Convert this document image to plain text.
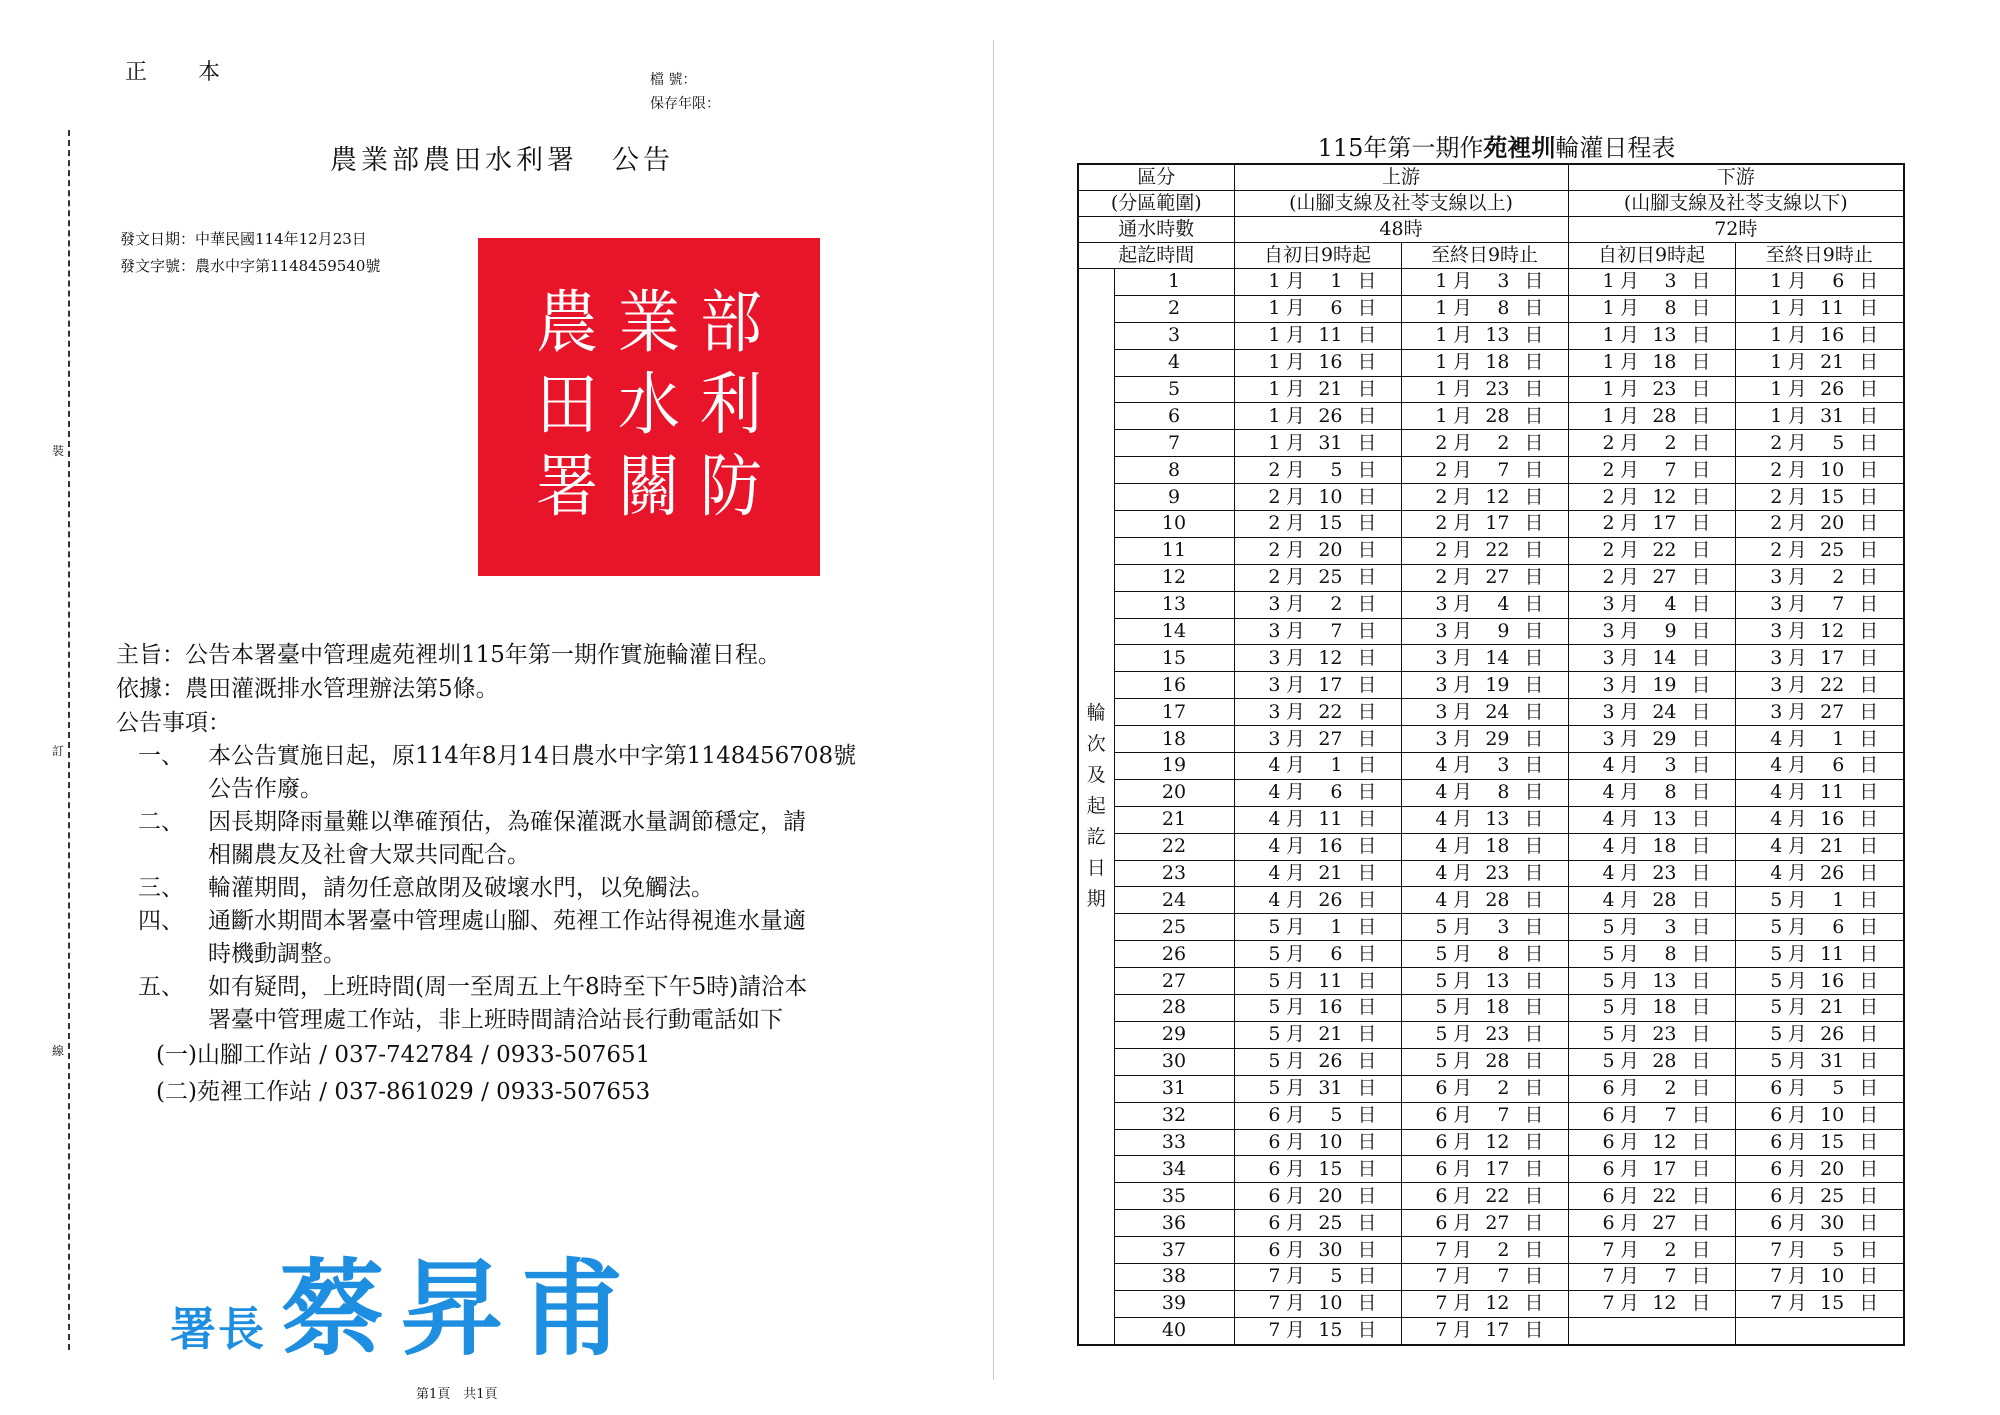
正 本	檔 號：
保存年限：
裝
訂
線
農業部農田水利署 公告
發文日期：中華民國114年12月23日
發文字號：農水中字第1148459540號
農 業 部
田 水 利
署 關 防
主旨：公告本署臺中管理處苑裡圳115年第一期作實施輪灌日程。
依據：農田灌溉排水管理辦法第5條。
公告事項：
一、 本公告實施日起，原114年8月14日農水中字第1148456708號
公告作廢。
二、 因長期降雨量難以準確預估，為確保灌溉水量調節穩定，請
相關農友及社會大眾共同配合。
三、 輪灌期間，請勿任意啟閉及破壞水門，以免觸法。
四、 通斷水期間本署臺中管理處山腳、苑裡工作站得視進水量適
時機動調整。
五、 如有疑問，上班時間(周一至周五上午8時至下午5時)請洽本
署臺中管理處工作站，非上班時間請洽站長行動電話如下
(一)山腳工作站 / 037-742784 / 0933-507651
(二)苑裡工作站 / 037-861029 / 0933-507653
署長 蔡昇甫
第1頁　共1頁
115年第一期作苑裡圳輪灌日程表
區分		上游		下游	
(分區範圍)		(山腳支線及社苓支線以上)		(山腳支線及社苓支線以下)	
通水時數		48時		72時	
起訖時間		自初日9時起	至終日9時止	自初日9時起	至終日9時止

輪次及起訖日期	1	1 月 1 日	1 月 3 日	1 月 3 日	1 月 6 日
	2	1 月 6 日	1 月 8 日	1 月 8 日	1 月 11 日
	3	1 月 11 日	1 月 13 日	1 月 13 日	1 月 16 日
	4	1 月 16 日	1 月 18 日	1 月 18 日	1 月 21 日
	5	1 月 21 日	1 月 23 日	1 月 23 日	1 月 26 日
	6	1 月 26 日	1 月 28 日	1 月 28 日	1 月 31 日
	7	1 月 31 日	2 月 2 日	2 月 2 日	2 月 5 日
	8	2 月 5 日	2 月 7 日	2 月 7 日	2 月 10 日
	9	2 月 10 日	2 月 12 日	2 月 12 日	2 月 15 日
	10	2 月 15 日	2 月 17 日	2 月 17 日	2 月 20 日
	11	2 月 20 日	2 月 22 日	2 月 22 日	2 月 25 日
	12	2 月 25 日	2 月 27 日	2 月 27 日	3 月 2 日
	13	3 月 2 日	3 月 4 日	3 月 4 日	3 月 7 日
	14	3 月 7 日	3 月 9 日	3 月 9 日	3 月 12 日
	15	3 月 12 日	3 月 14 日	3 月 14 日	3 月 17 日
	16	3 月 17 日	3 月 19 日	3 月 19 日	3 月 22 日
	17	3 月 22 日	3 月 24 日	3 月 24 日	3 月 27 日
	18	3 月 27 日	3 月 29 日	3 月 29 日	4 月 1 日
	19	4 月 1 日	4 月 3 日	4 月 3 日	4 月 6 日
	20	4 月 6 日	4 月 8 日	4 月 8 日	4 月 11 日
	21	4 月 11 日	4 月 13 日	4 月 13 日	4 月 16 日
	22	4 月 16 日	4 月 18 日	4 月 18 日	4 月 21 日
	23	4 月 21 日	4 月 23 日	4 月 23 日	4 月 26 日
	24	4 月 26 日	4 月 28 日	4 月 28 日	5 月 1 日
	25	5 月 1 日	5 月 3 日	5 月 3 日	5 月 6 日
	26	5 月 6 日	5 月 8 日	5 月 8 日	5 月 11 日
	27	5 月 11 日	5 月 13 日	5 月 13 日	5 月 16 日
	28	5 月 16 日	5 月 18 日	5 月 18 日	5 月 21 日
	29	5 月 21 日	5 月 23 日	5 月 23 日	5 月 26 日
	30	5 月 26 日	5 月 28 日	5 月 28 日	5 月 31 日
	31	5 月 31 日	6 月 2 日	6 月 2 日	6 月 5 日
	32	6 月 5 日	6 月 7 日	6 月 7 日	6 月 10 日
	33	6 月 10 日	6 月 12 日	6 月 12 日	6 月 15 日
	34	6 月 15 日	6 月 17 日	6 月 17 日	6 月 20 日
	35	6 月 20 日	6 月 22 日	6 月 22 日	6 月 25 日
	36	6 月 25 日	6 月 27 日	6 月 27 日	6 月 30 日
	37	6 月 30 日	7 月 2 日	7 月 2 日	7 月 5 日
	38	7 月 5 日	7 月 7 日	7 月 7 日	7 月 10 日
	39	7 月 10 日	7 月 12 日	7 月 12 日	7 月 15 日
	40	7 月 15 日	7 月 17 日		
